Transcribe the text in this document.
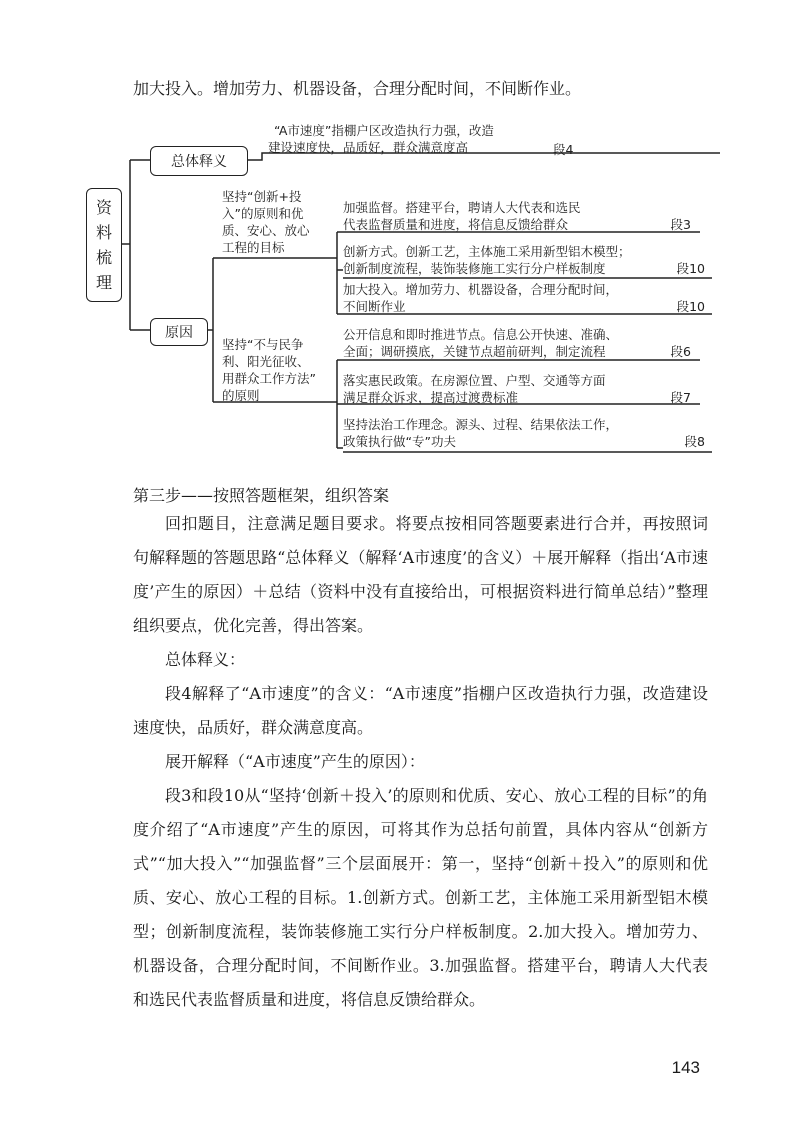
加大投入。增加劳力、机器设备，合理分配时间，不间断作业。
资
料
梳
理
总体释义
“A市速度”指棚户区改造执行力强，改造
建设速度快，品质好，群众满意度高	段4
原因
坚持“创新+投
入”的原则和优
质、安心、放心
工程的目标
坚持“不与民争
利、阳光征收、
用群众工作方法”
的原则
加强监督。搭建平台，聘请人大代表和选民
代表监督质量和进度，将信息反馈给群众	段3
创新方式。创新工艺，主体施工采用新型铝木模型；
创新制度流程，装饰装修施工实行分户样板制度	段10
加大投入。增加劳力、机器设备，合理分配时间，
不间断作业	段10
公开信息和即时推进节点。信息公开快速、准确、
全面；调研摸底，关键节点超前研判，制定流程	段6
落实惠民政策。在房源位置、户型、交通等方面
满足群众诉求，提高过渡费标准	段7
坚持法治工作理念。源头、过程、结果依法工作，
政策执行做“专”功夫	段8
第三步——按照答题框架，组织答案

回扣题目，注意满足题目要求。将要点按相同答题要素进行合并，再按照词句解释题的答题思路“总体释义（解释‘A市速度’的含义）＋展开解释（指出‘A市速度’产生的原因）＋总结（资料中没有直接给出，可根据资料进行简单总结）”整理组织要点，优化完善，得出答案。

总体释义：

段4解释了“A市速度”的含义：“A市速度”指棚户区改造执行力强，改造建设速度快，品质好，群众满意度高。

展开解释（“A市速度”产生的原因）：

段3和段10从“坚持‘创新＋投入’的原则和优质、安心、放心工程的目标”的角度介绍了“A市速度”产生的原因，可将其作为总括句前置，具体内容从“创新方式”“加大投入”“加强监督”三个层面展开：第一，坚持“创新＋投入”的原则和优质、安心、放心工程的目标。1.创新方式。创新工艺，主体施工采用新型铝木模型；创新制度流程，装饰装修施工实行分户样板制度。2.加大投入。增加劳力、机器设备，合理分配时间，不间断作业。3.加强监督。搭建平台，聘请人大代表和选民代表监督质量和进度，将信息反馈给群众。

143
